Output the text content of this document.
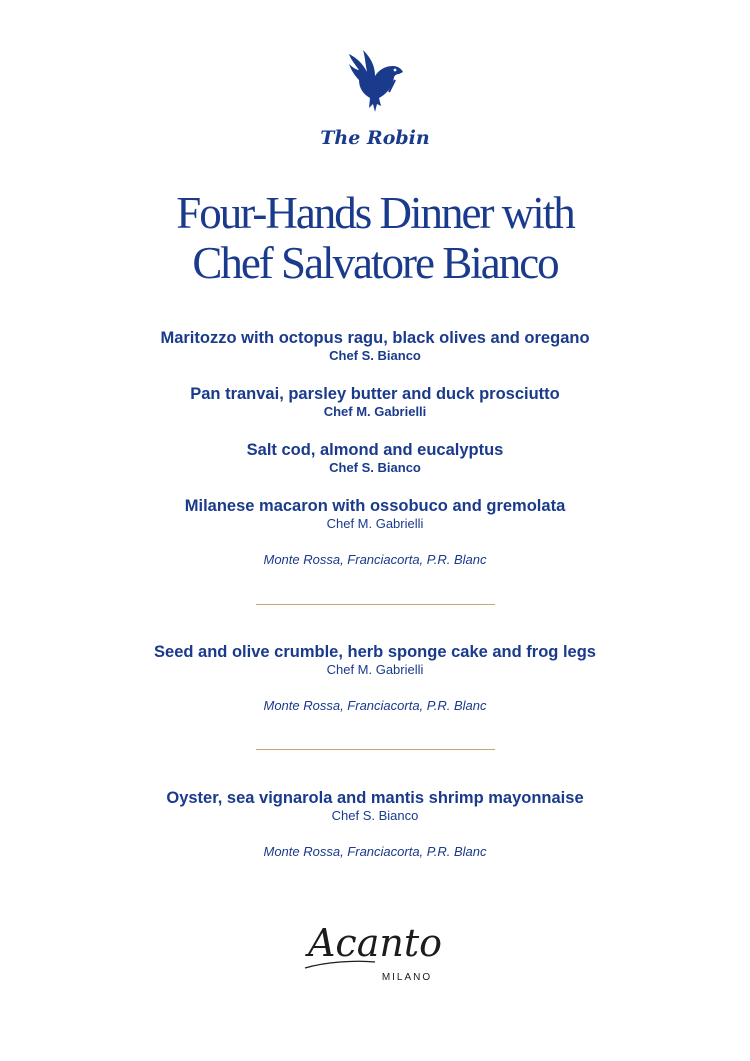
The Robin
Four-Hands Dinner with
Chef Salvatore Bianco
Maritozzo with octopus ragu, black olives and oregano
Chef S. Bianco
Pan tranvai, parsley butter and duck prosciutto
Chef M. Gabrielli
Salt cod, almond and eucalyptus
Chef S. Bianco
Milanese macaron with ossobuco and gremolata
Chef M. Gabrielli
Monte Rossa, Franciacorta, P.R. Blanc
Seed and olive crumble, herb sponge cake and frog legs
Chef M. Gabrielli
Monte Rossa, Franciacorta, P.R. Blanc
Oyster, sea vignarola and mantis shrimp mayonnaise
Chef S. Bianco
Monte Rossa, Franciacorta, P.R. Blanc
Acanto
MILANO
